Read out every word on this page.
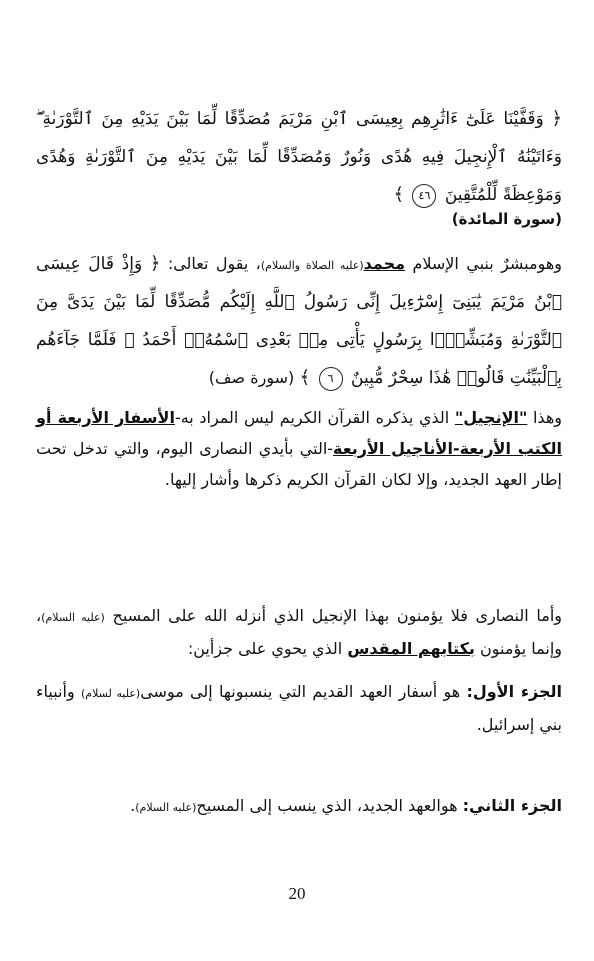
﴿ وَقَفَّيْنَا عَلَىٰٓ ءَاثَٰرِهِم بِعِيسَى ٱبْنِ مَرْيَمَ مُصَدِّقًا لِّمَا بَيْنَ يَدَيْهِ مِنَ ٱلتَّوْرَىٰةِ ۖ وَءَاتَيْنَٰهُ ٱلْإِنجِيلَ فِيهِ هُدًى وَنُورٌ وَمُصَدِّقًا لِّمَا بَيْنَ يَدَيْهِ مِنَ ٱلتَّوْرَىٰةِ وَهُدًى وَمَوْعِظَةً لِّلْمُتَّقِينَ ٤٦ ﴾
(سورة المائدة)
وهومبشرٌ بنبي الإسلام محمد(عليه الصلاة والسلام)، يقول تعالى: ﴿ وَإِذْ قَالَ عِيسَى ٱبْنُ مَرْيَمَ يَٰبَنِىٓ إِسْرَٰٓءِيلَ إِنِّى رَسُولُ ٱللَّهِ إِلَيْكُم مُّصَدِّقًا لِّمَا بَيْنَ يَدَىَّ مِنَ ٱلتَّوْرَىٰةِ وَمُبَشِّرًۢا بِرَسُولٍ يَأْتِى مِنۢ بَعْدِى ٱسْمُهُۥٓ أَحْمَدُ ۖ فَلَمَّا جَآءَهُم بِٱلْبَيِّنَٰتِ قَالُوا۟ هَٰذَا سِحْرٌ مُّبِينٌ ٦ ﴾ (سورة صف)
وهذا "الإنجيل" الذي يذكره القرآن الكريم ليس المراد به-الأسفار الأربعة أو الكتب الأربعة-الأناجيل الأربعة-التي بأيدي النصارى اليوم، والتي تدخل تحت إطار العهد الجديد، وإلا لكان القرآن الكريم ذكرها وأشار إليها.
وأما النصارى فلا يؤمنون بهذا الإنجيل الذي أنزله الله على المسيح (عليه السلام)، وإنما يؤمنون بكتابهم المقدس الذي يحوي على جزأين:
الجزء الأول: هو أسفار العهد القديم التي ينسبونها إلى موسى(عليه لسلام) وأنبياء بني إسرائيل.
الجزء الثاني: هوالعهد الجديد، الذي ينسب إلى المسيح(عليه السلام).
20
